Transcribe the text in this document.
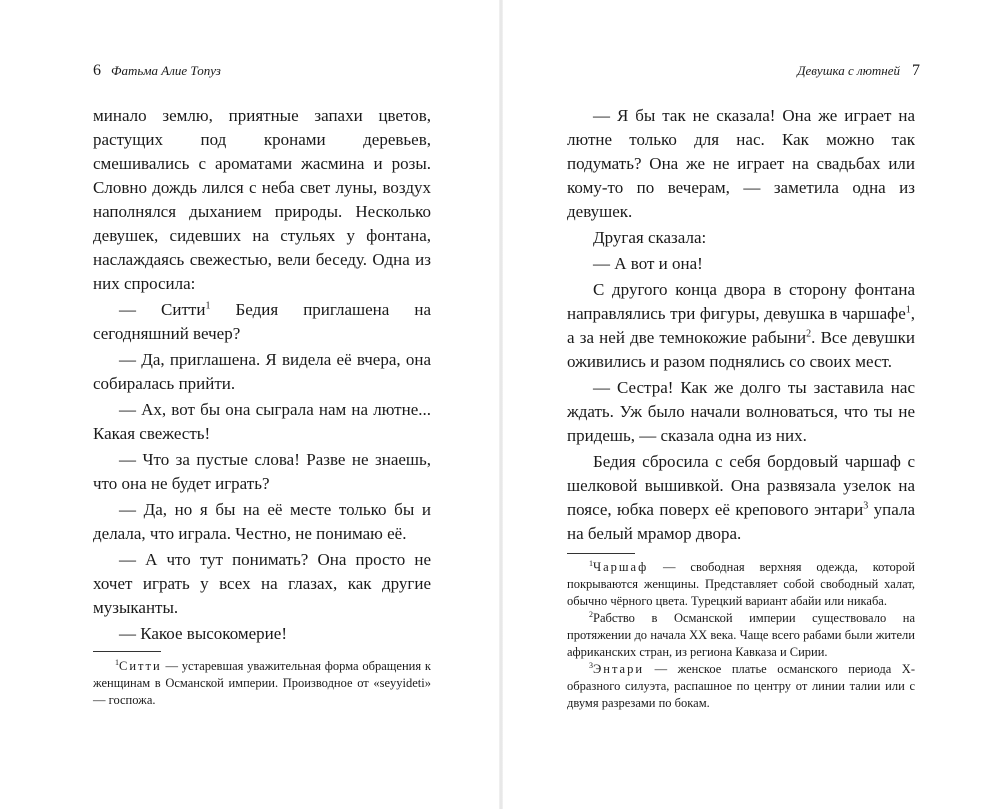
6 Фатьма Алие Топуз

минало землю, приятные запахи цветов, растущих под кронами деревьев, смешивались с ароматами жасмина и розы. Словно дождь лился с неба свет луны, воздух наполнялся дыханием природы. Несколько девушек, сидевших на стульях у фонтана, наслаждаясь свежестью, вели беседу. Одна из них спросила:

— Ситти$^1$ Бедия приглашена на сегодняшний вечер?

— Да, приглашена. Я видела её вчера, она собиралась прийти.

— Ах, вот бы она сыграла нам на лютне... Какая свежесть!

— Что за пустые слова! Разве не знаешь, что она не будет играть?

— Да, но я бы на её месте только бы и делала, что играла. Честно, не понимаю её.

— А что тут понимать? Она просто не хочет играть у всех на глазах, как другие музыканты.

— Какое высокомерие!

$^1$Ситти — устаревшая уважительная форма обращения к женщинам в Османской империи. Производное от «seyyideti» — госпожа.

Девушка с лютней 7

— Я бы так не сказала! Она же играет на лютне только для нас. Как можно так подумать? Она же не играет на свадьбах или кому-то по вечерам, — заметила одна из девушек.

Другая сказала:

— А вот и она!

С другого конца двора в сторону фонтана направлялись три фигуры, девушка в чаршафе$^1$, а за ней две темнокожие рабыни$^2$. Все девушки оживились и разом поднялись со своих мест.

— Сестра! Как же долго ты заставила нас ждать. Уж было начали волноваться, что ты не придешь, — сказала одна из них.

Бедия сбросила с себя бордовый чаршаф с шелковой вышивкой. Она развязала узелок на поясе, юбка поверх её крепового энтари$^3$ упала на белый мрамор двора.

$^1$Чаршаф — свободная верхняя одежда, которой покрываются женщины. Представляет собой свободный халат, обычно чёрного цвета. Турецкий вариант абайи или никаба.

$^2$Рабство в Османской империи существовало на протяжении до начала XX века. Чаще всего рабами были жители африканских стран, из региона Кавказа и Сирии.

$^3$Энтари — женское платье османского периода Х-образного силуэта, распашное по центру от линии талии или с двумя разрезами по бокам.
